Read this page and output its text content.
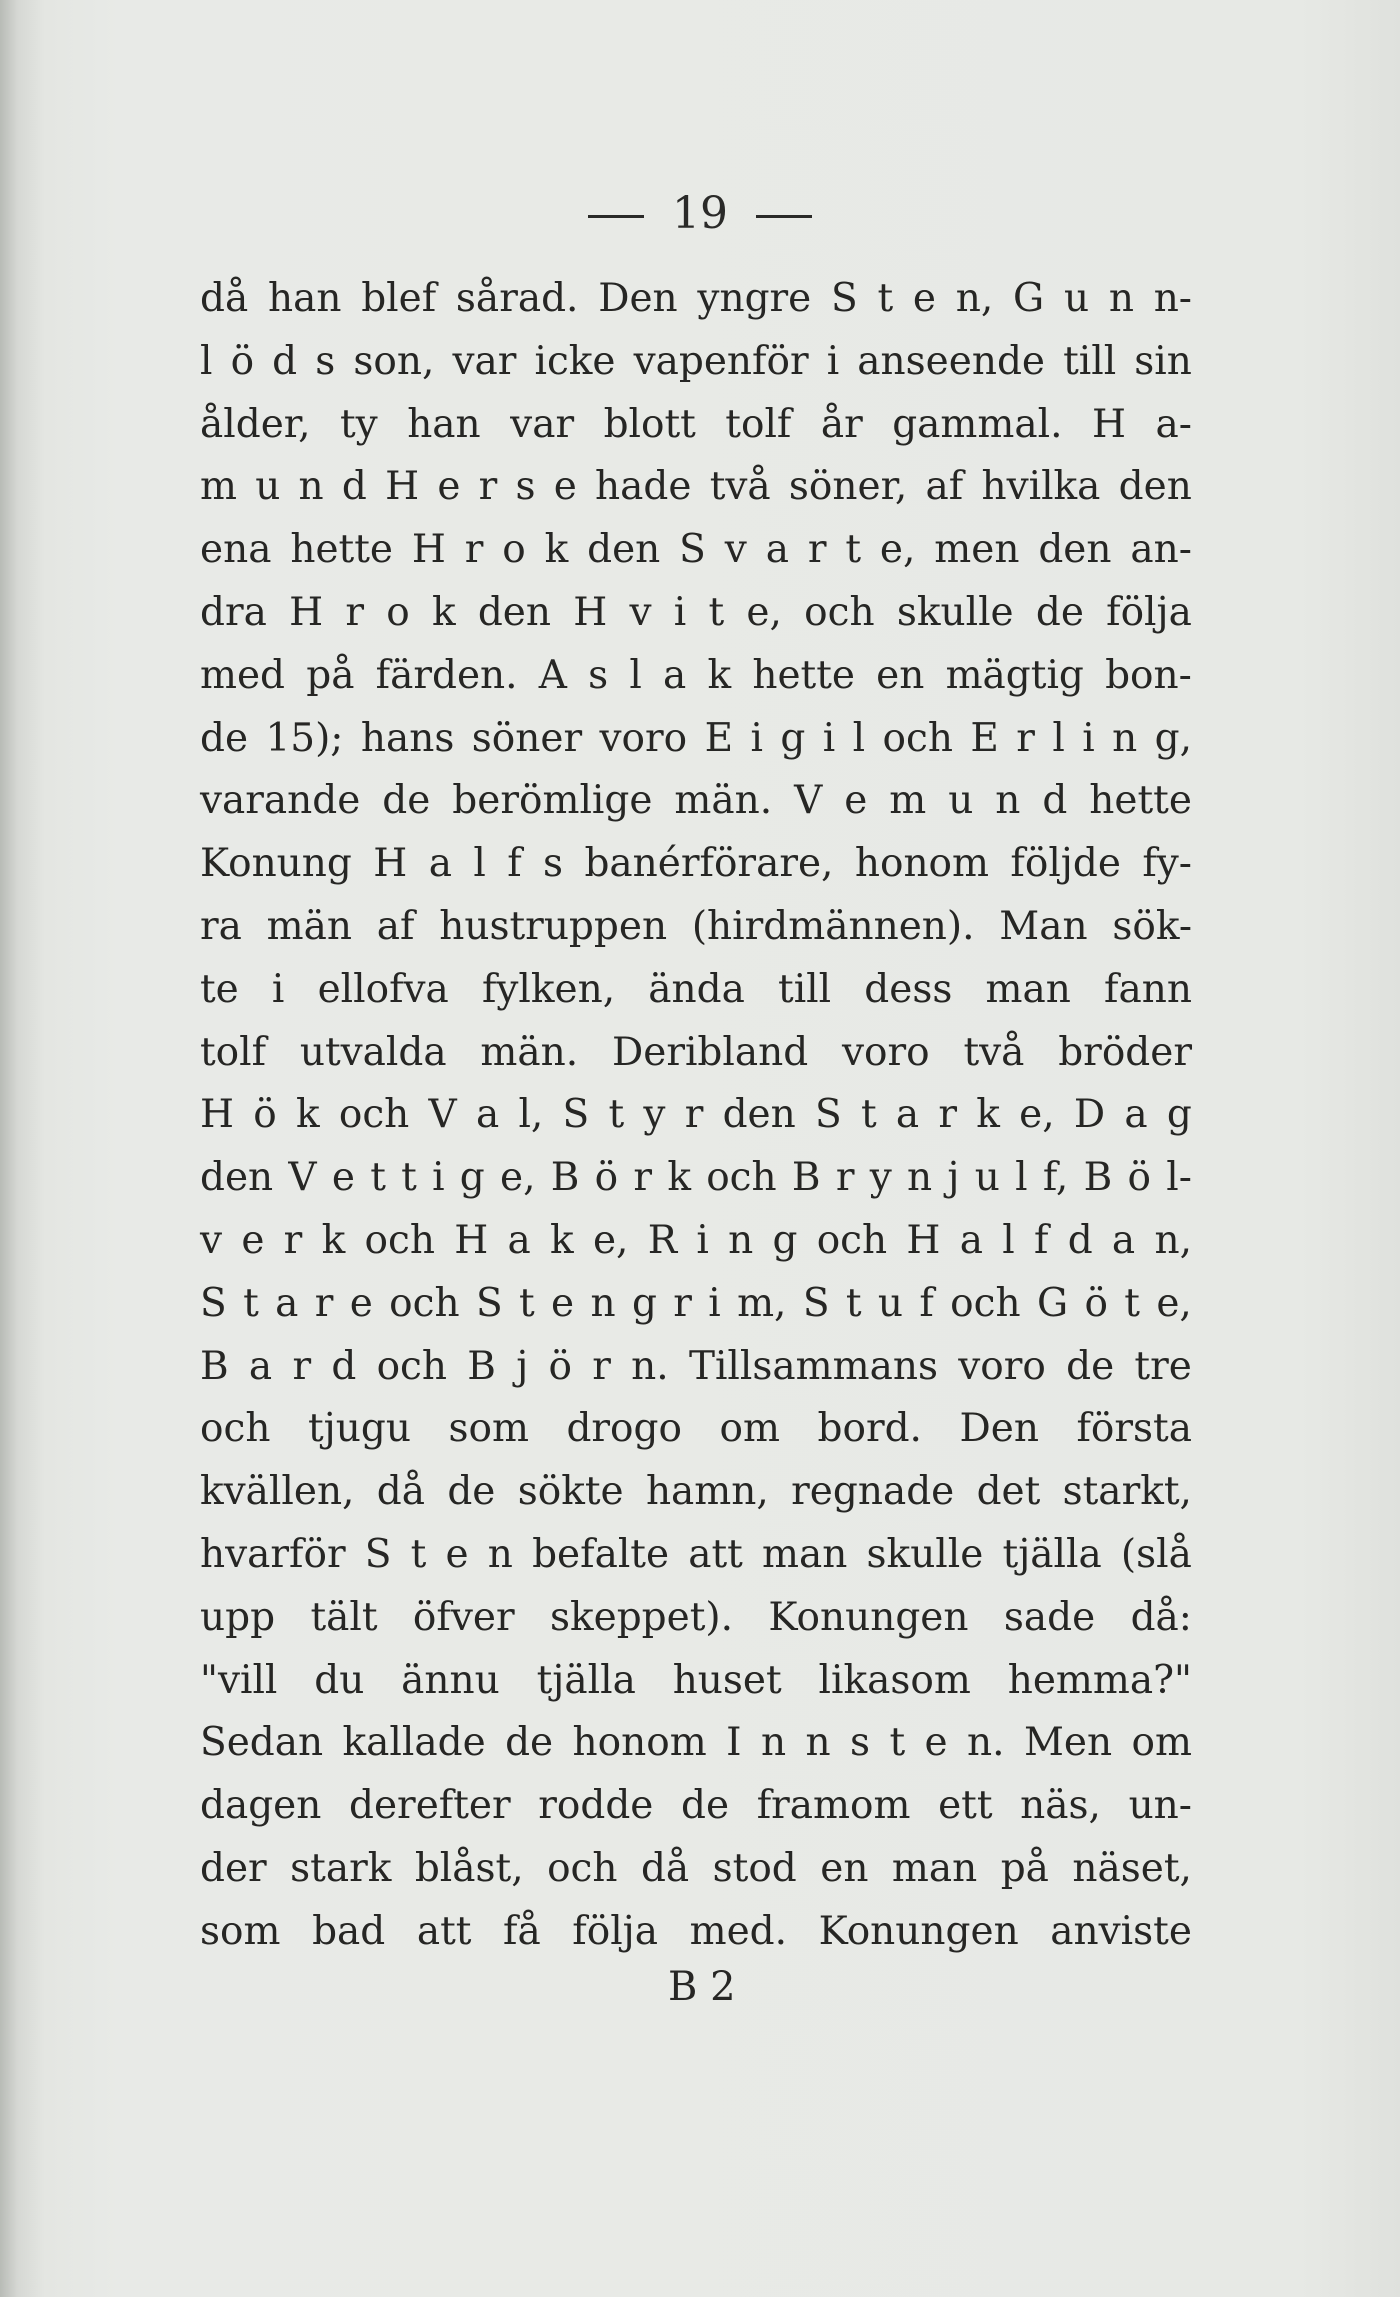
19
då han blef sårad. Den yngre S t e n, G u n n-
l ö d s son, var icke vapenför i anseende till sin
ålder, ty han var blott tolf år gammal. H a-
m u n d H e r s e hade två söner, af hvilka den
ena hette H r o k den S v a r t e, men den an-
dra H r o k den H v i t e, och skulle de följa
med på färden. A s l a k hette en mägtig bon-
de 15); hans söner voro E i g i l och E r l i n g,
varande de berömlige män. V e m u n d hette
Konung H a l f s banérförare, honom följde fy-
ra män af hustruppen (hirdmännen). Man sök-
te i ellofva fylken, ända till dess man fann
tolf utvalda män. Deribland voro två bröder
H ö k och V a l, S t y r den S t a r k e, D a g
den V e t t i g e, B ö r k och B r y n j u l f, B ö l-
v e r k och H a k e, R i n g och H a l f d a n,
S t a r e och S t e n g r i m, S t u f och G ö t e,
B a r d och B j ö r n. Tillsammans voro de tre
och tjugu som drogo om bord. Den första
kvällen, då de sökte hamn, regnade det starkt,
hvarför S t e n befalte att man skulle tjälla (slå
upp tält öfver skeppet). Konungen sade då:
"vill du ännu tjälla huset likasom hemma?"
Sedan kallade de honom I n n s t e n. Men om
dagen derefter rodde de framom ett näs, un-
der stark blåst, och då stod en man på näset,
som bad att få följa med. Konungen anviste
B 2
